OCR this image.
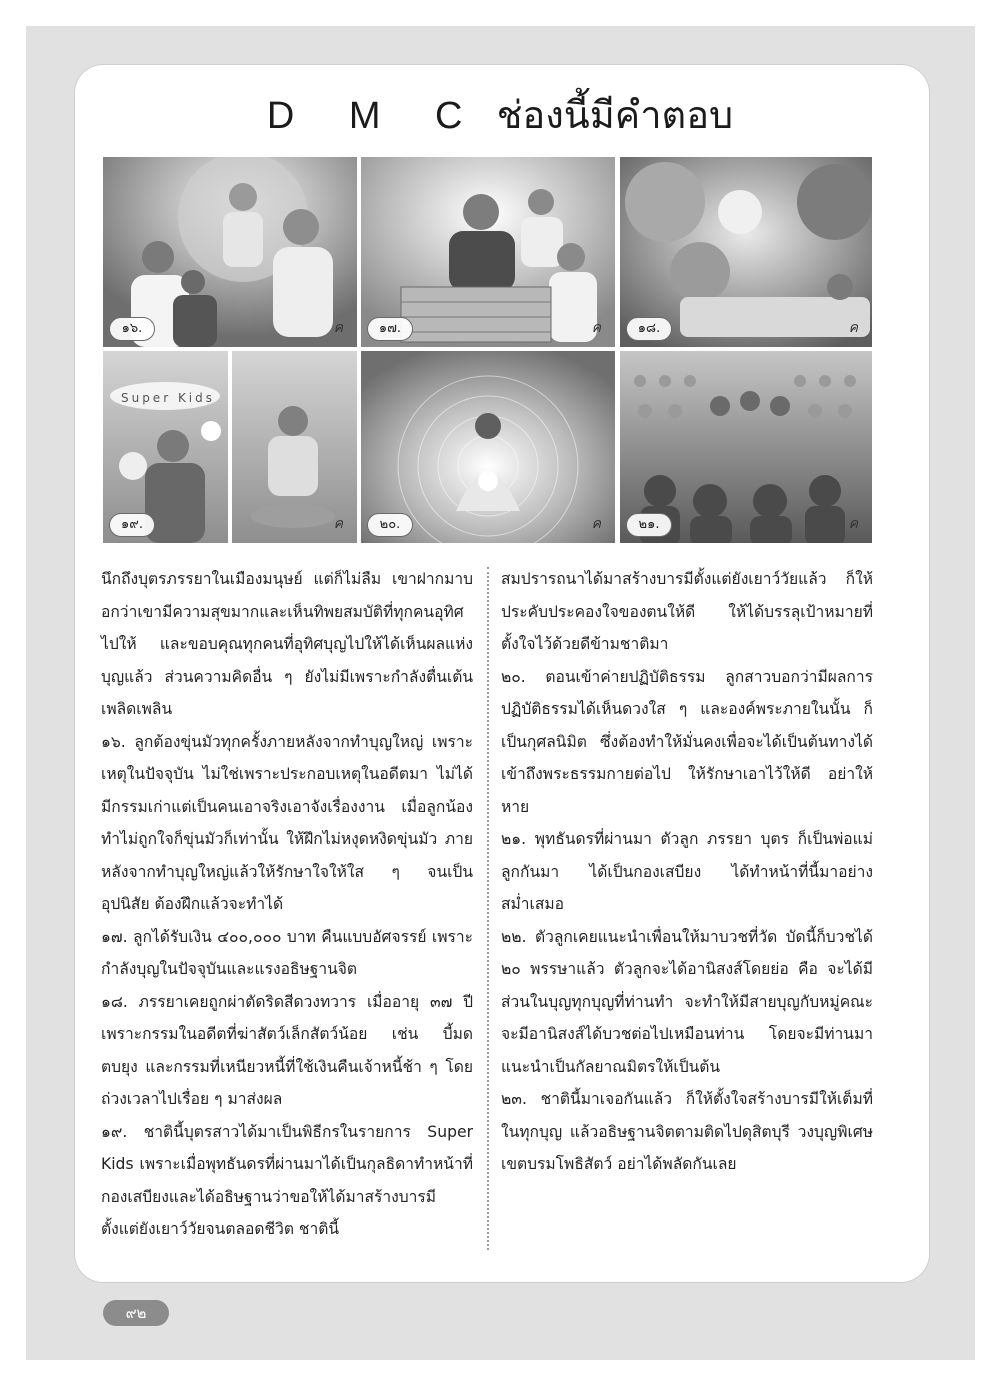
D M C ช่องนี้มีคำตอบ
๑๖.	ค	๑๗.	ค	๑๘.	ค
Super Kids
๑๙.	ค	๒๐.	ค	๒๑.	ค

นึกถึงบุตรภรรยาในเมืองมนุษย์ แต่ก็ไม่ลืม เขาฝากมาบอกว่าเขามีความสุขมากและเห็นทิพยสมบัติที่ทุกคนอุทิศไปให้ และขอบคุณทุกคนที่อุทิศบุญไปให้ได้เห็นผลแห่งบุญแล้ว ส่วนความคิดอื่น ๆ ยังไม่มีเพราะกำลังตื่นเต้นเพลิดเพลิน

๑๖. ลูกต้องขุ่นมัวทุกครั้งภายหลังจากทำบุญใหญ่ เพราะเหตุในปัจจุบัน ไม่ใช่เพราะประกอบเหตุในอดีตมา ไม่ได้มีกรรมเก่าแต่เป็นคนเอาจริงเอาจังเรื่องงาน เมื่อลูกน้องทำไม่ถูกใจก็ขุ่นมัวก็เท่านั้น ให้ฝึกไม่หงุดหงิดขุ่นมัว ภายหลังจากทำบุญใหญ่แล้วให้รักษาใจให้ใส ๆ จนเป็นอุปนิสัย ต้องฝึกแล้วจะทำได้

๑๗. ลูกได้รับเงิน ๔๐๐,๐๐๐ บาท คืนแบบอัศจรรย์ เพราะกำลังบุญในปัจจุบันและแรงอธิษฐานจิต

๑๘. ภรรยาเคยถูกผ่าตัดริดสีดวงทวาร เมื่ออายุ ๓๗ ปี เพราะกรรมในอดีตที่ฆ่าสัตว์เล็กสัตว์น้อย เช่น บี้มด ตบยุง และกรรมที่เหนียวหนี้ที่ใช้เงินคืนเจ้าหนี้ช้า ๆ โดยถ่วงเวลาไปเรื่อย ๆ มาส่งผล

๑๙. ชาตินี้บุตรสาวได้มาเป็นพิธีกรในรายการ Super Kids เพราะเมื่อพุทธันดรที่ผ่านมาได้เป็นกุลธิดาทำหน้าที่กองเสบียงและได้อธิษฐานว่าขอให้ได้มาสร้างบารมีตั้งแต่ยังเยาว์วัยจนตลอดชีวิต ชาตินี้

สมปรารถนาได้มาสร้างบารมีตั้งแต่ยังเยาว์วัยแล้ว ก็ให้ประคับประคองใจของตนให้ดี ให้ได้บรรลุเป้าหมายที่ตั้งใจไว้ด้วยดีข้ามชาติมา

๒๐. ตอนเข้าค่ายปฏิบัติธรรม ลูกสาวบอกว่ามีผลการปฏิบัติธรรมได้เห็นดวงใส ๆ และองค์พระภายในนั้น ก็เป็นกุศลนิมิต ซึ่งต้องทำให้มั่นคงเพื่อจะได้เป็นต้นทางได้เข้าถึงพระธรรมกายต่อไป ให้รักษาเอาไว้ให้ดี อย่าให้หาย

๒๑. พุทธันดรที่ผ่านมา ตัวลูก ภรรยา บุตร ก็เป็นพ่อแม่ลูกกันมา ได้เป็นกองเสบียง ได้ทำหน้าที่นี้มาอย่างสม่ำเสมอ

๒๒. ตัวลูกเคยแนะนำเพื่อนให้มาบวชที่วัด บัดนี้ก็บวชได้ ๒๐ พรรษาแล้ว ตัวลูกจะได้อานิสงส์โดยย่อ คือ จะได้มีส่วนในบุญทุกบุญที่ท่านทำ จะทำให้มีสายบุญกับหมู่คณะ จะมีอานิสงส์ได้บวชต่อไปเหมือนท่าน โดยจะมีท่านมาแนะนำเป็นกัลยาณมิตรให้เป็นต้น

๒๓. ชาตินี้มาเจอกันแล้ว ก็ให้ตั้งใจสร้างบารมีให้เต็มที่ในทุกบุญ แล้วอธิษฐานจิตตามติดไปดุสิตบุรี วงบุญพิเศษ เขตบรมโพธิสัตว์ อย่าได้พลัดกันเลย

๙๒
